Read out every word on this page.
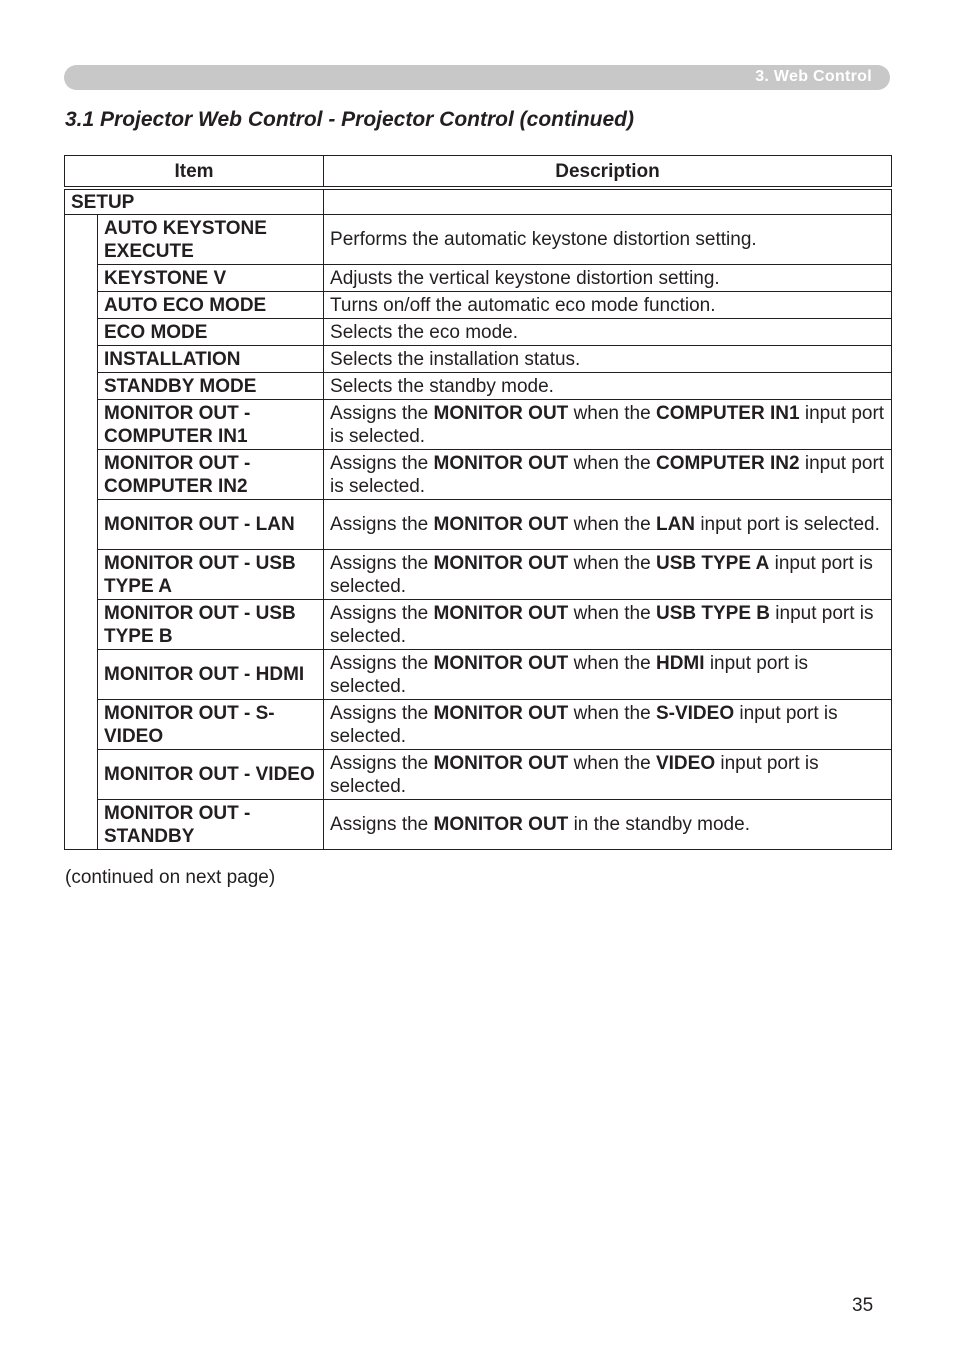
3. Web Control
3.1 Projector Web Control - Projector Control (continued)
Item		Description
SETUP		
	AUTO KEYSTONE EXECUTE	Performs the automatic keystone distortion setting.
	KEYSTONE V	Adjusts the vertical keystone distortion setting.
	AUTO ECO MODE	Turns on/off the automatic eco mode function.
	ECO MODE	Selects the eco mode.
	INSTALLATION	Selects the installation status.
	STANDBY MODE	Selects the standby mode.
	MONITOR OUT - COMPUTER IN1	Assigns the MONITOR OUT when the COMPUTER IN1 input port is selected.
	MONITOR OUT - COMPUTER IN2	Assigns the MONITOR OUT when the COMPUTER IN2 input port is selected.
	MONITOR OUT - LAN	Assigns the MONITOR OUT when the LAN input port is selected.
	MONITOR OUT - USB TYPE A	Assigns the MONITOR OUT when the USB TYPE A input port is selected.
	MONITOR OUT - USB TYPE B	Assigns the MONITOR OUT when the USB TYPE B input port is selected.
	MONITOR OUT - HDMI	Assigns the MONITOR OUT when the HDMI input port is selected.
	MONITOR OUT - S-VIDEO	Assigns the MONITOR OUT when the S-VIDEO input port is selected.
	MONITOR OUT - VIDEO	Assigns the MONITOR OUT when the VIDEO input port is selected.
	MONITOR OUT - STANDBY	Assigns the MONITOR OUT in the standby mode.
(continued on next page)
35
